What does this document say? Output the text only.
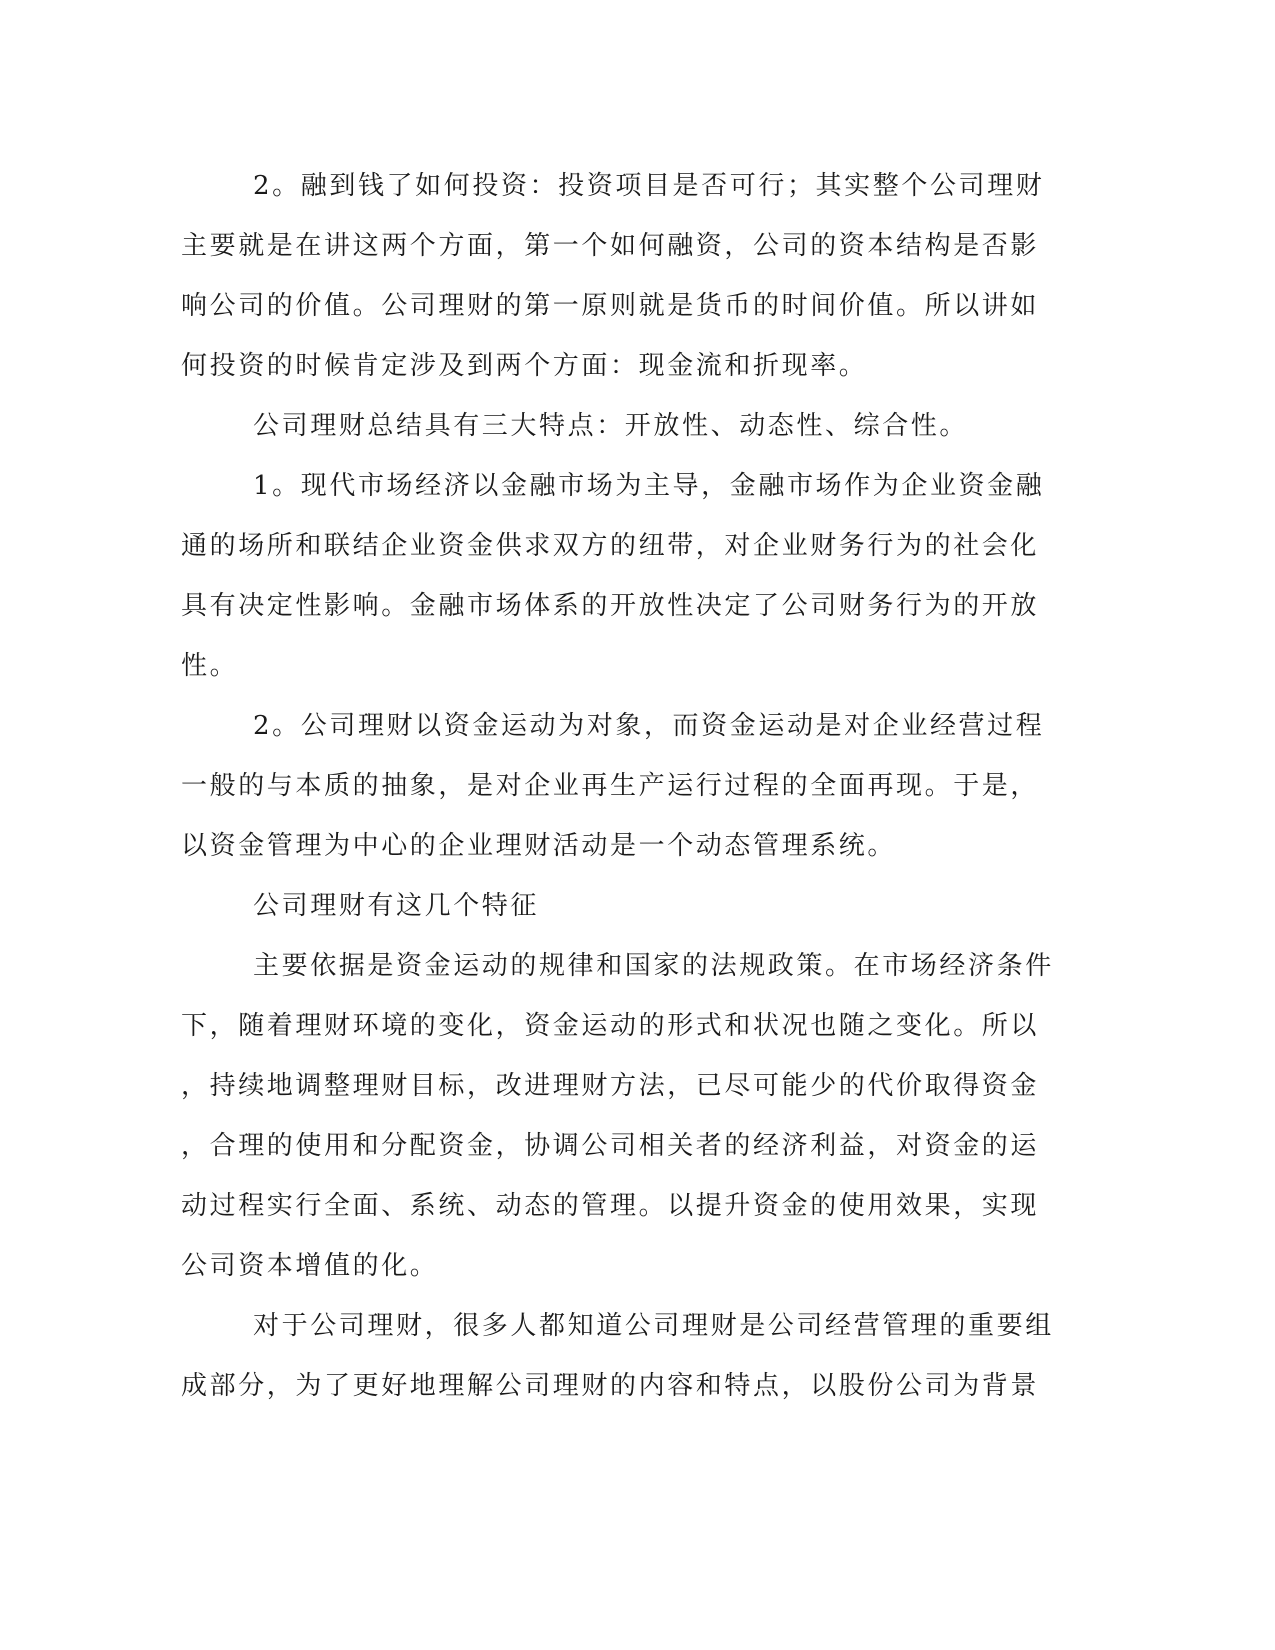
2。融到钱了如何投资：投资项目是否可行；其实整个公司理财
主要就是在讲这两个方面，第一个如何融资，公司的资本结构是否影
响公司的价值。公司理财的第一原则就是货币的时间价值。所以讲如
何投资的时候肯定涉及到两个方面：现金流和折现率。

公司理财总结具有三大特点：开放性、动态性、综合性。

1。现代市场经济以金融市场为主导，金融市场作为企业资金融
通的场所和联结企业资金供求双方的纽带，对企业财务行为的社会化
具有决定性影响。金融市场体系的开放性决定了公司财务行为的开放
性。

2。公司理财以资金运动为对象，而资金运动是对企业经营过程
一般的与本质的抽象，是对企业再生产运行过程的全面再现。于是，
以资金管理为中心的企业理财活动是一个动态管理系统。

公司理财有这几个特征

主要依据是资金运动的规律和国家的法规政策。在市场经济条件
下，随着理财环境的变化，资金运动的形式和状况也随之变化。所以
，持续地调整理财目标，改进理财方法，已尽可能少的代价取得资金
，合理的使用和分配资金，协调公司相关者的经济利益，对资金的运
动过程实行全面、系统、动态的管理。以提升资金的使用效果，实现
公司资本增值的化。

对于公司理财，很多人都知道公司理财是公司经营管理的重要组
成部分，为了更好地理解公司理财的内容和特点，以股份公司为背景
